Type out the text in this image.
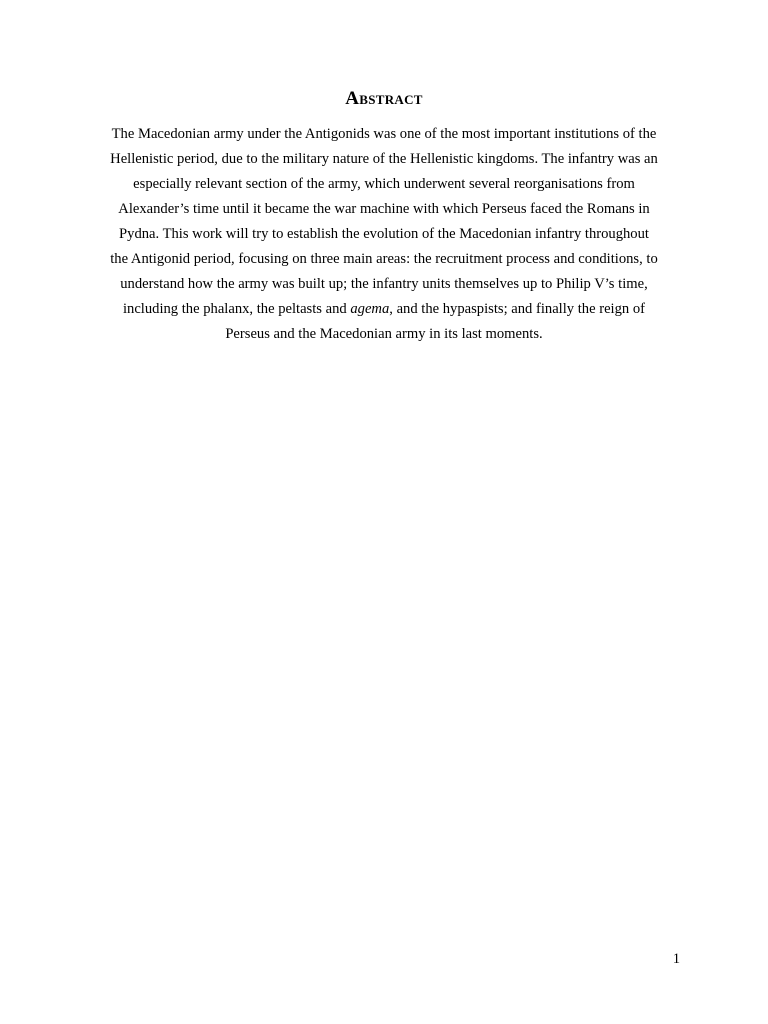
Abstract
The Macedonian army under the Antigonids was one of the most important institutions of the
Hellenistic period, due to the military nature of the Hellenistic kingdoms. The infantry was an
especially relevant section of the army, which underwent several reorganisations from
Alexander’s time until it became the war machine with which Perseus faced the Romans in
Pydna. This work will try to establish the evolution of the Macedonian infantry throughout
the Antigonid period, focusing on three main areas: the recruitment process and conditions, to
understand how the army was built up; the infantry units themselves up to Philip V’s time,
including the phalanx, the peltasts and agema, and the hypaspists; and finally the reign of
Perseus and the Macedonian army in its last moments.
1
